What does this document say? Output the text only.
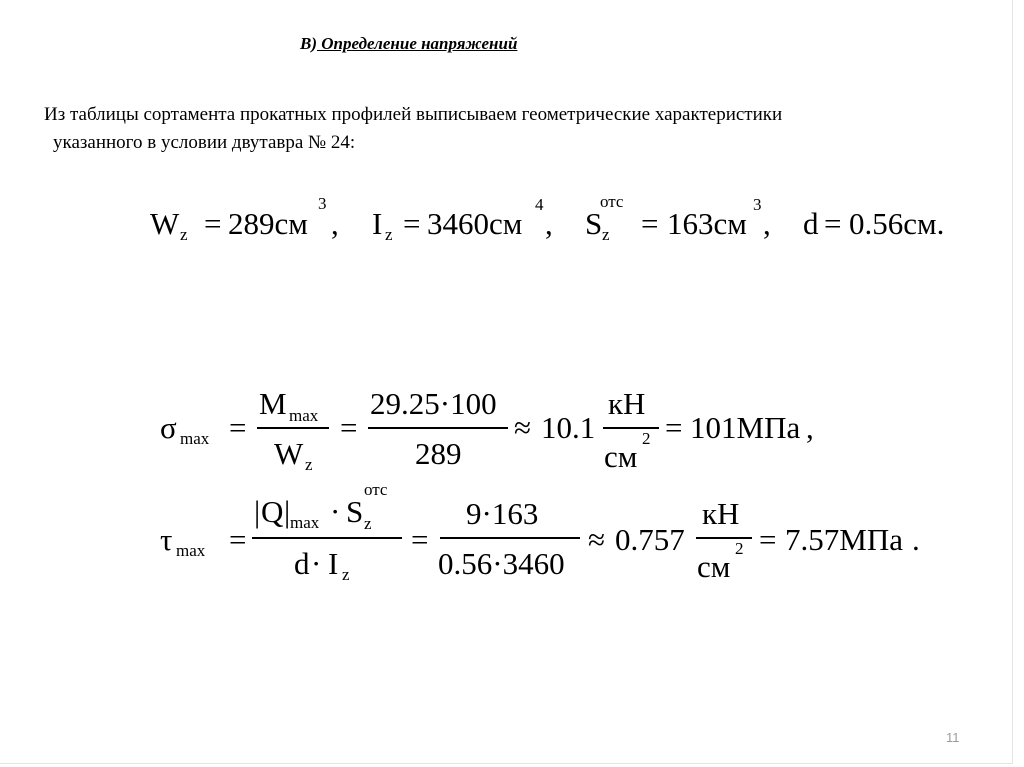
В) Определение напряжений
Из таблицы сортамента прокатных профилей выписываем геометрические характеристики
указанного в условии двутавра № 24:
W z = 289см
3
, I z = 3460см
4
, S
отс
z = 163см
3
, d = 0.56см.
σ max =
M max
W z
=
29.25·100
289
≈ 10.1
кН
см
2 = 101МПа ,
τ max =
| Q | max · S
отс
z
d · I z
=
9·163
0.56·3460
≈ 0.757
кН
см
2 = 7.57МПа .
11
